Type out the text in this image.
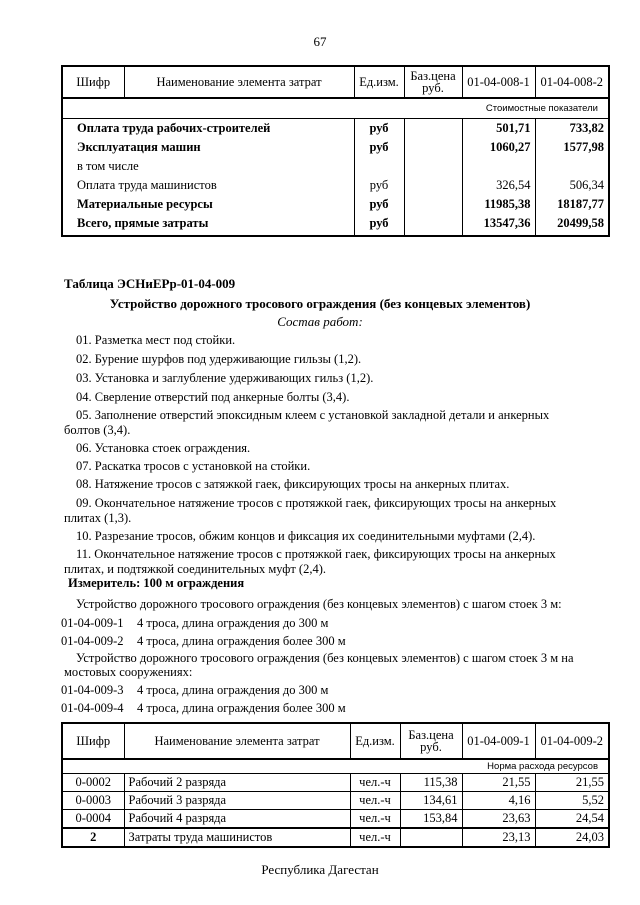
67
Шифр	Наименование элемента затрат	Ед.изм.	Баз.цена руб.	01-04-008-1	01-04-008-2
Стоимостные показатели					
Оплата труда рабочих-строителей		руб		501,71	733,82
Эксплуатация машин		руб		1060,27	1577,98
в том числе					
Оплата труда машинистов		руб		326,54	506,34
Материальные ресурсы		руб		11985,38	18187,77
Всего, прямые затраты		руб		13547,36	20499,58
Таблица ЭСНиЕРр-01-04-009
Устройство дорожного тросового ограждения (без концевых элементов)
Состав работ:
01. Разметка мест под стойки.
02. Бурение шурфов под удерживающие гильзы (1,2).
03. Установка и заглубление удерживающих гильз (1,2).
04. Сверление отверстий под анкерные болты (3,4).
05. Заполнение отверстий эпоксидным клеем с установкой закладной детали и анкерных
болтов (3,4).
06. Установка стоек ограждения.
07. Раскатка тросов с установкой на стойки.
08. Натяжение тросов с затяжкой гаек, фиксирующих тросы на анкерных плитах.
09. Окончательное натяжение тросов с протяжкой гаек, фиксирующих тросы на анкерных
плитах (1,3).
10. Разрезание тросов, обжим концов и фиксация их соединительными муфтами (2,4).
11. Окончательное натяжение тросов с протяжкой гаек, фиксирующих тросы на анкерных
плитах, и подтяжкой соединительных муфт (2,4).
Измеритель: 100 м ограждения
Устройство дорожного тросового ограждения (без концевых элементов) с шагом стоек 3 м:
01-04-009-1 4 троса, длина ограждения до 300 м
01-04-009-2 4 троса, длина ограждения более 300 м
Устройство дорожного тросового ограждения (без концевых элементов) с шагом стоек 3 м на
мостовых сооружениях:
01-04-009-3 4 троса, длина ограждения до 300 м
01-04-009-4 4 троса, длина ограждения более 300 м
Шифр	Наименование элемента затрат	Ед.изм.	Баз.цена руб.	01-04-009-1	01-04-009-2
Норма расхода ресурсов					
0-0002	Рабочий 2 разряда	чел.-ч	115,38	21,55	21,55
0-0003	Рабочий 3 разряда	чел.-ч	134,61	4,16	5,52
0-0004	Рабочий 4 разряда	чел.-ч	153,84	23,63	24,54
2	Затраты труда машинистов	чел.-ч		23,13	24,03
Республика Дагестан
